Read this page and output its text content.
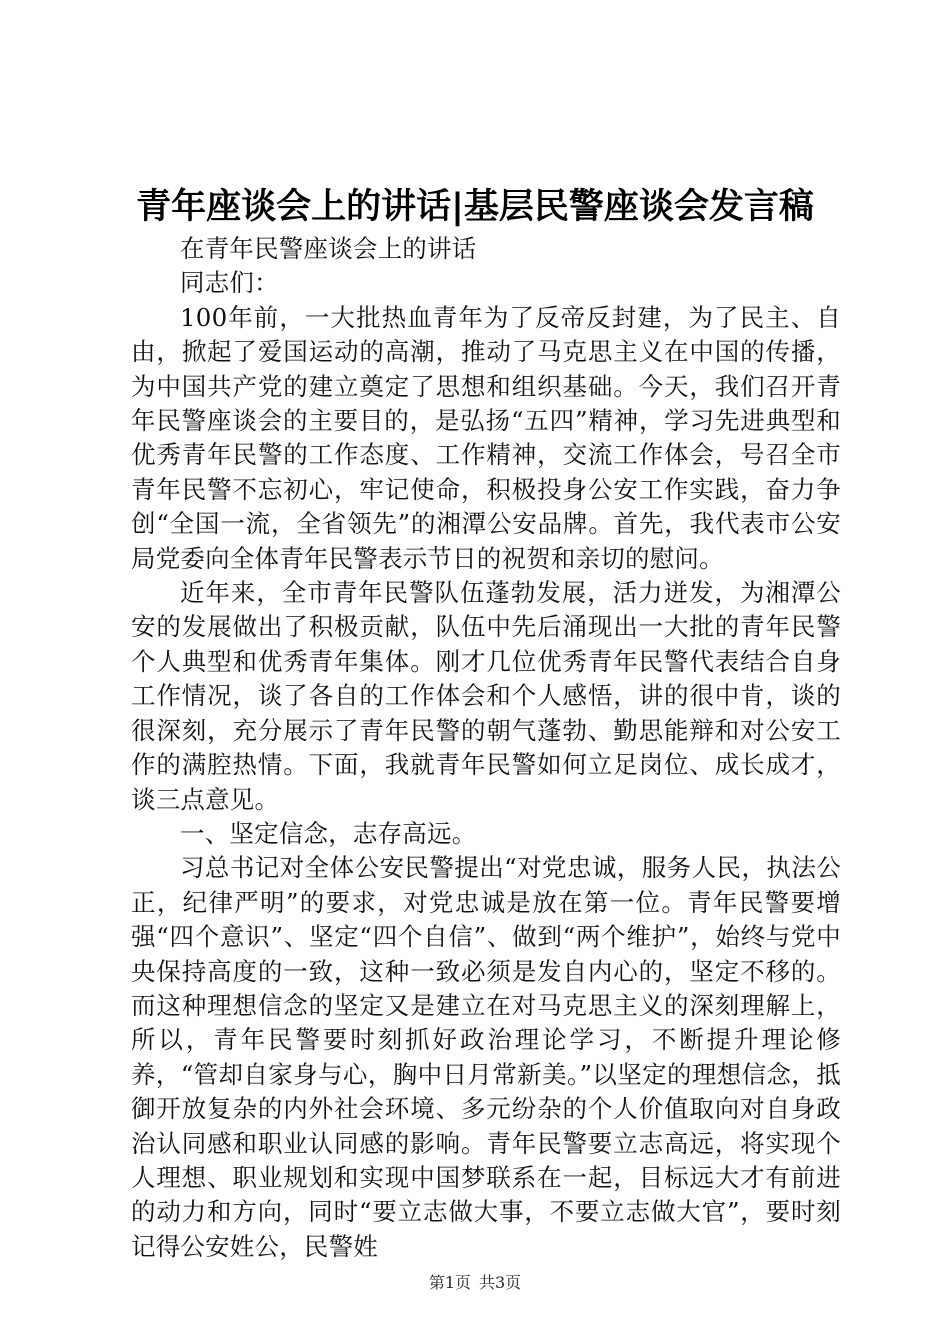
青年座谈会上的讲话|基层民警座谈会发言稿

在青年民警座谈会上的讲话

同志们：

100年前，一大批热血青年为了反帝反封建，为了民主、自由，掀起了爱国运动的高潮，推动了马克思主义在中国的传播，为中国共产党的建立奠定了思想和组织基础。今天，我们召开青年民警座谈会的主要目的，是弘扬“五四”精神，学习先进典型和优秀青年民警的工作态度、工作精神，交流工作体会，号召全市青年民警不忘初心，牢记使命，积极投身公安工作实践，奋力争创“全国一流，全省领先”的湘潭公安品牌。首先，我代表市公安局党委向全体青年民警表示节日的祝贺和亲切的慰问。

近年来，全市青年民警队伍蓬勃发展，活力迸发，为湘潭公安的发展做出了积极贡献，队伍中先后涌现出一大批的青年民警个人典型和优秀青年集体。刚才几位优秀青年民警代表结合自身工作情况，谈了各自的工作体会和个人感悟，讲的很中肯，谈的很深刻，充分展示了青年民警的朝气蓬勃、勤思能辩和对公安工作的满腔热情。下面，我就青年民警如何立足岗位、成长成才，谈三点意见。

一、坚定信念，志存高远。

习总书记对全体公安民警提出“对党忠诚，服务人民，执法公正，纪律严明”的要求，对党忠诚是放在第一位。青年民警要增强“四个意识”、坚定“四个自信”、做到“两个维护”，始终与党中央保持高度的一致，这种一致必须是发自内心的，坚定不移的。而这种理想信念的坚定又是建立在对马克思主义的深刻理解上，所以，青年民警要时刻抓好政治理论学习，不断提升理论修养，“管却自家身与心，胸中日月常新美。”以坚定的理想信念，抵御开放复杂的内外社会环境、多元纷杂的个人价值取向对自身政治认同感和职业认同感的影响。青年民警要立志高远，将实现个人理想、职业规划和实现中国梦联系在一起，目标远大才有前进的动力和方向，同时“要立志做大事，不要立志做大官”，要时刻记得公安姓公，民警姓

第1页 共3页
